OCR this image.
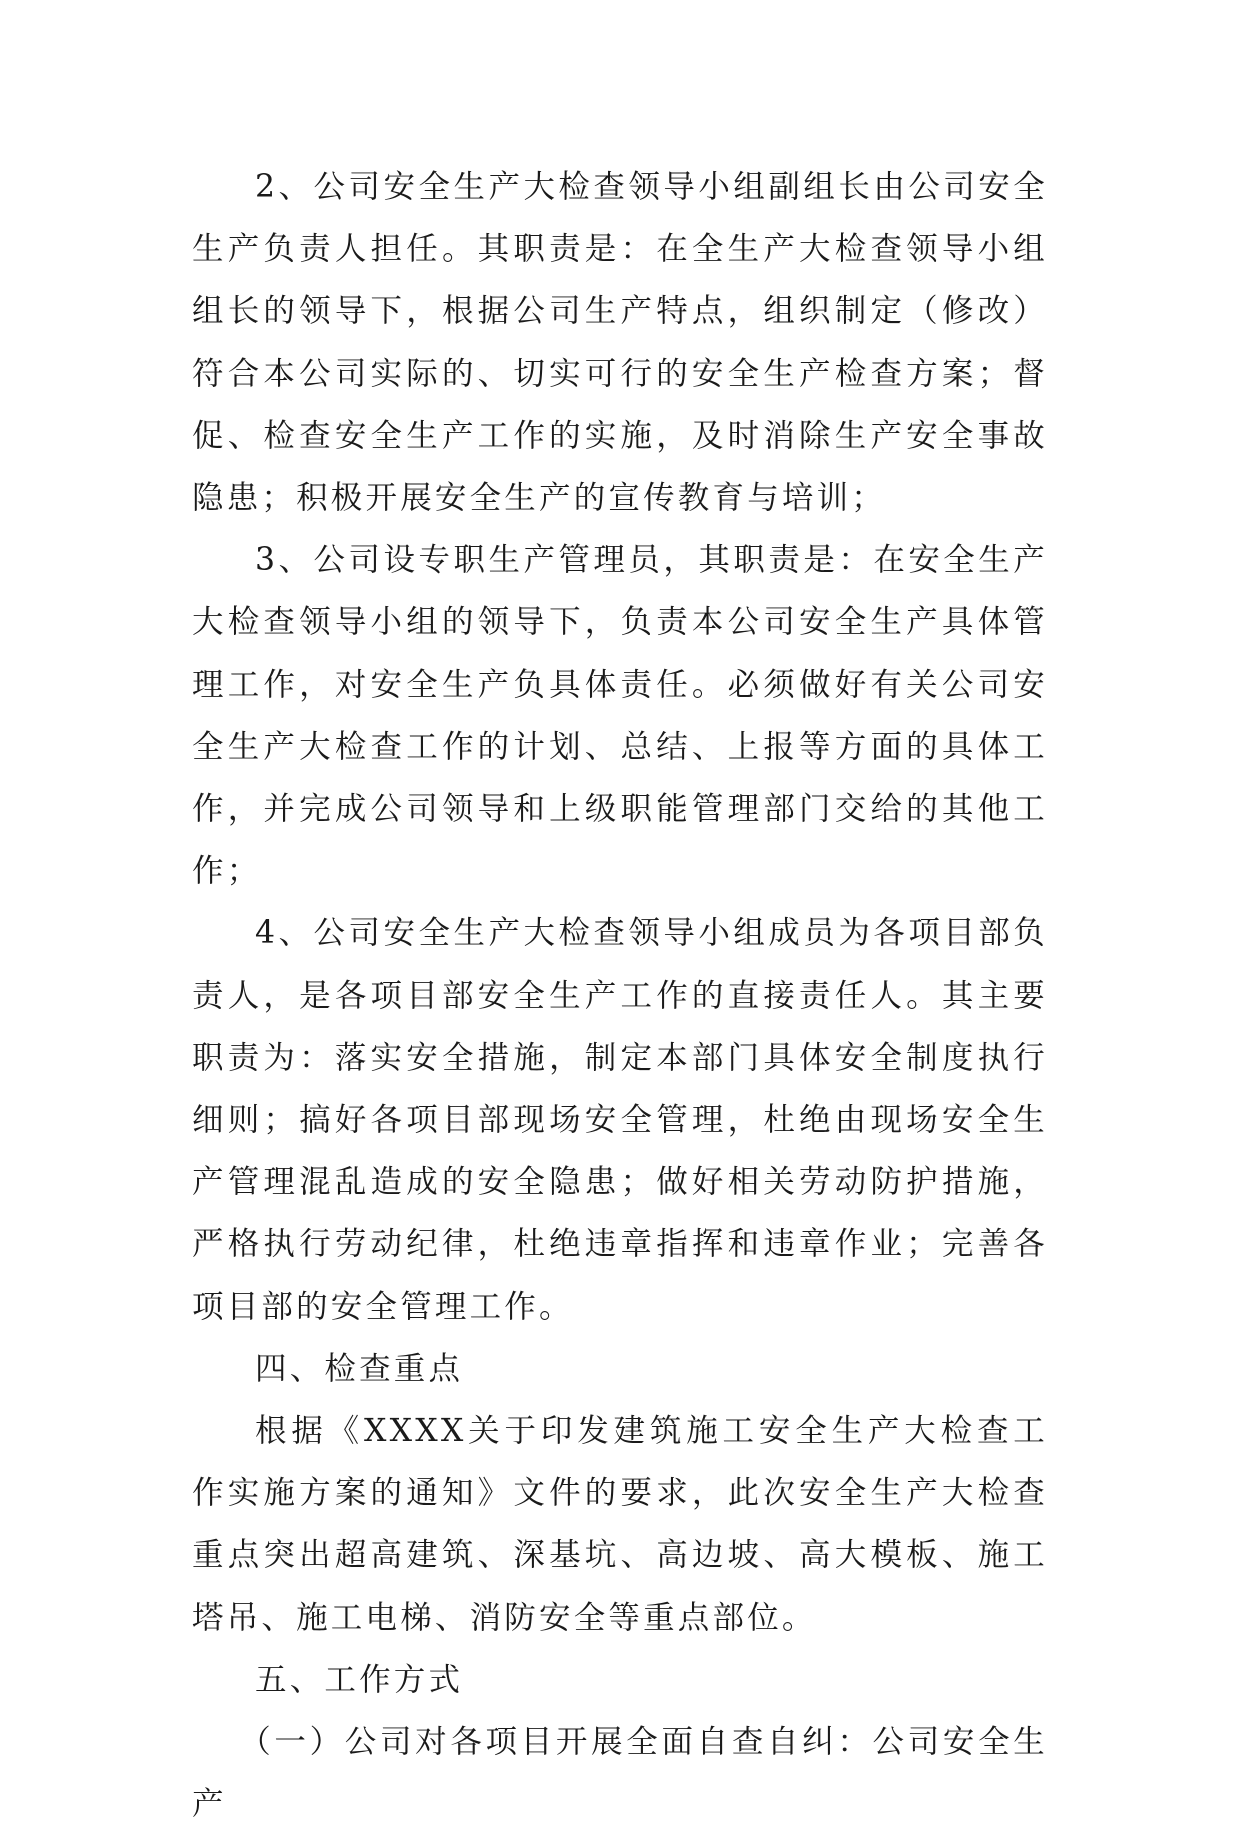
2、公司安全生产大检查领导小组副组长由公司安全生产负责人担任。其职责是：在全生产大检查领导小组组长的领导下，根据公司生产特点，组织制定（修改）符合本公司实际的、切实可行的安全生产检查方案；督促、检查安全生产工作的实施，及时消除生产安全事故隐患；积极开展安全生产的宣传教育与培训；

3、公司设专职生产管理员，其职责是：在安全生产大检查领导小组的领导下，负责本公司安全生产具体管理工作，对安全生产负具体责任。必须做好有关公司安全生产大检查工作的计划、总结、上报等方面的具体工作，并完成公司领导和上级职能管理部门交给的其他工作；

4、公司安全生产大检查领导小组成员为各项目部负责人，是各项目部安全生产工作的直接责任人。其主要职责为：落实安全措施，制定本部门具体安全制度执行细则；搞好各项目部现场安全管理，杜绝由现场安全生产管理混乱造成的安全隐患；做好相关劳动防护措施，严格执行劳动纪律，杜绝违章指挥和违章作业；完善各项目部的安全管理工作。

四、检查重点

根据《XXXX关于印发建筑施工安全生产大检查工作实施方案的通知》文件的要求，此次安全生产大检查重点突出超高建筑、深基坑、高边坡、高大模板、施工塔吊、施工电梯、消防安全等重点部位。

五、工作方式

（一）公司对各项目开展全面自查自纠：公司安全生产
